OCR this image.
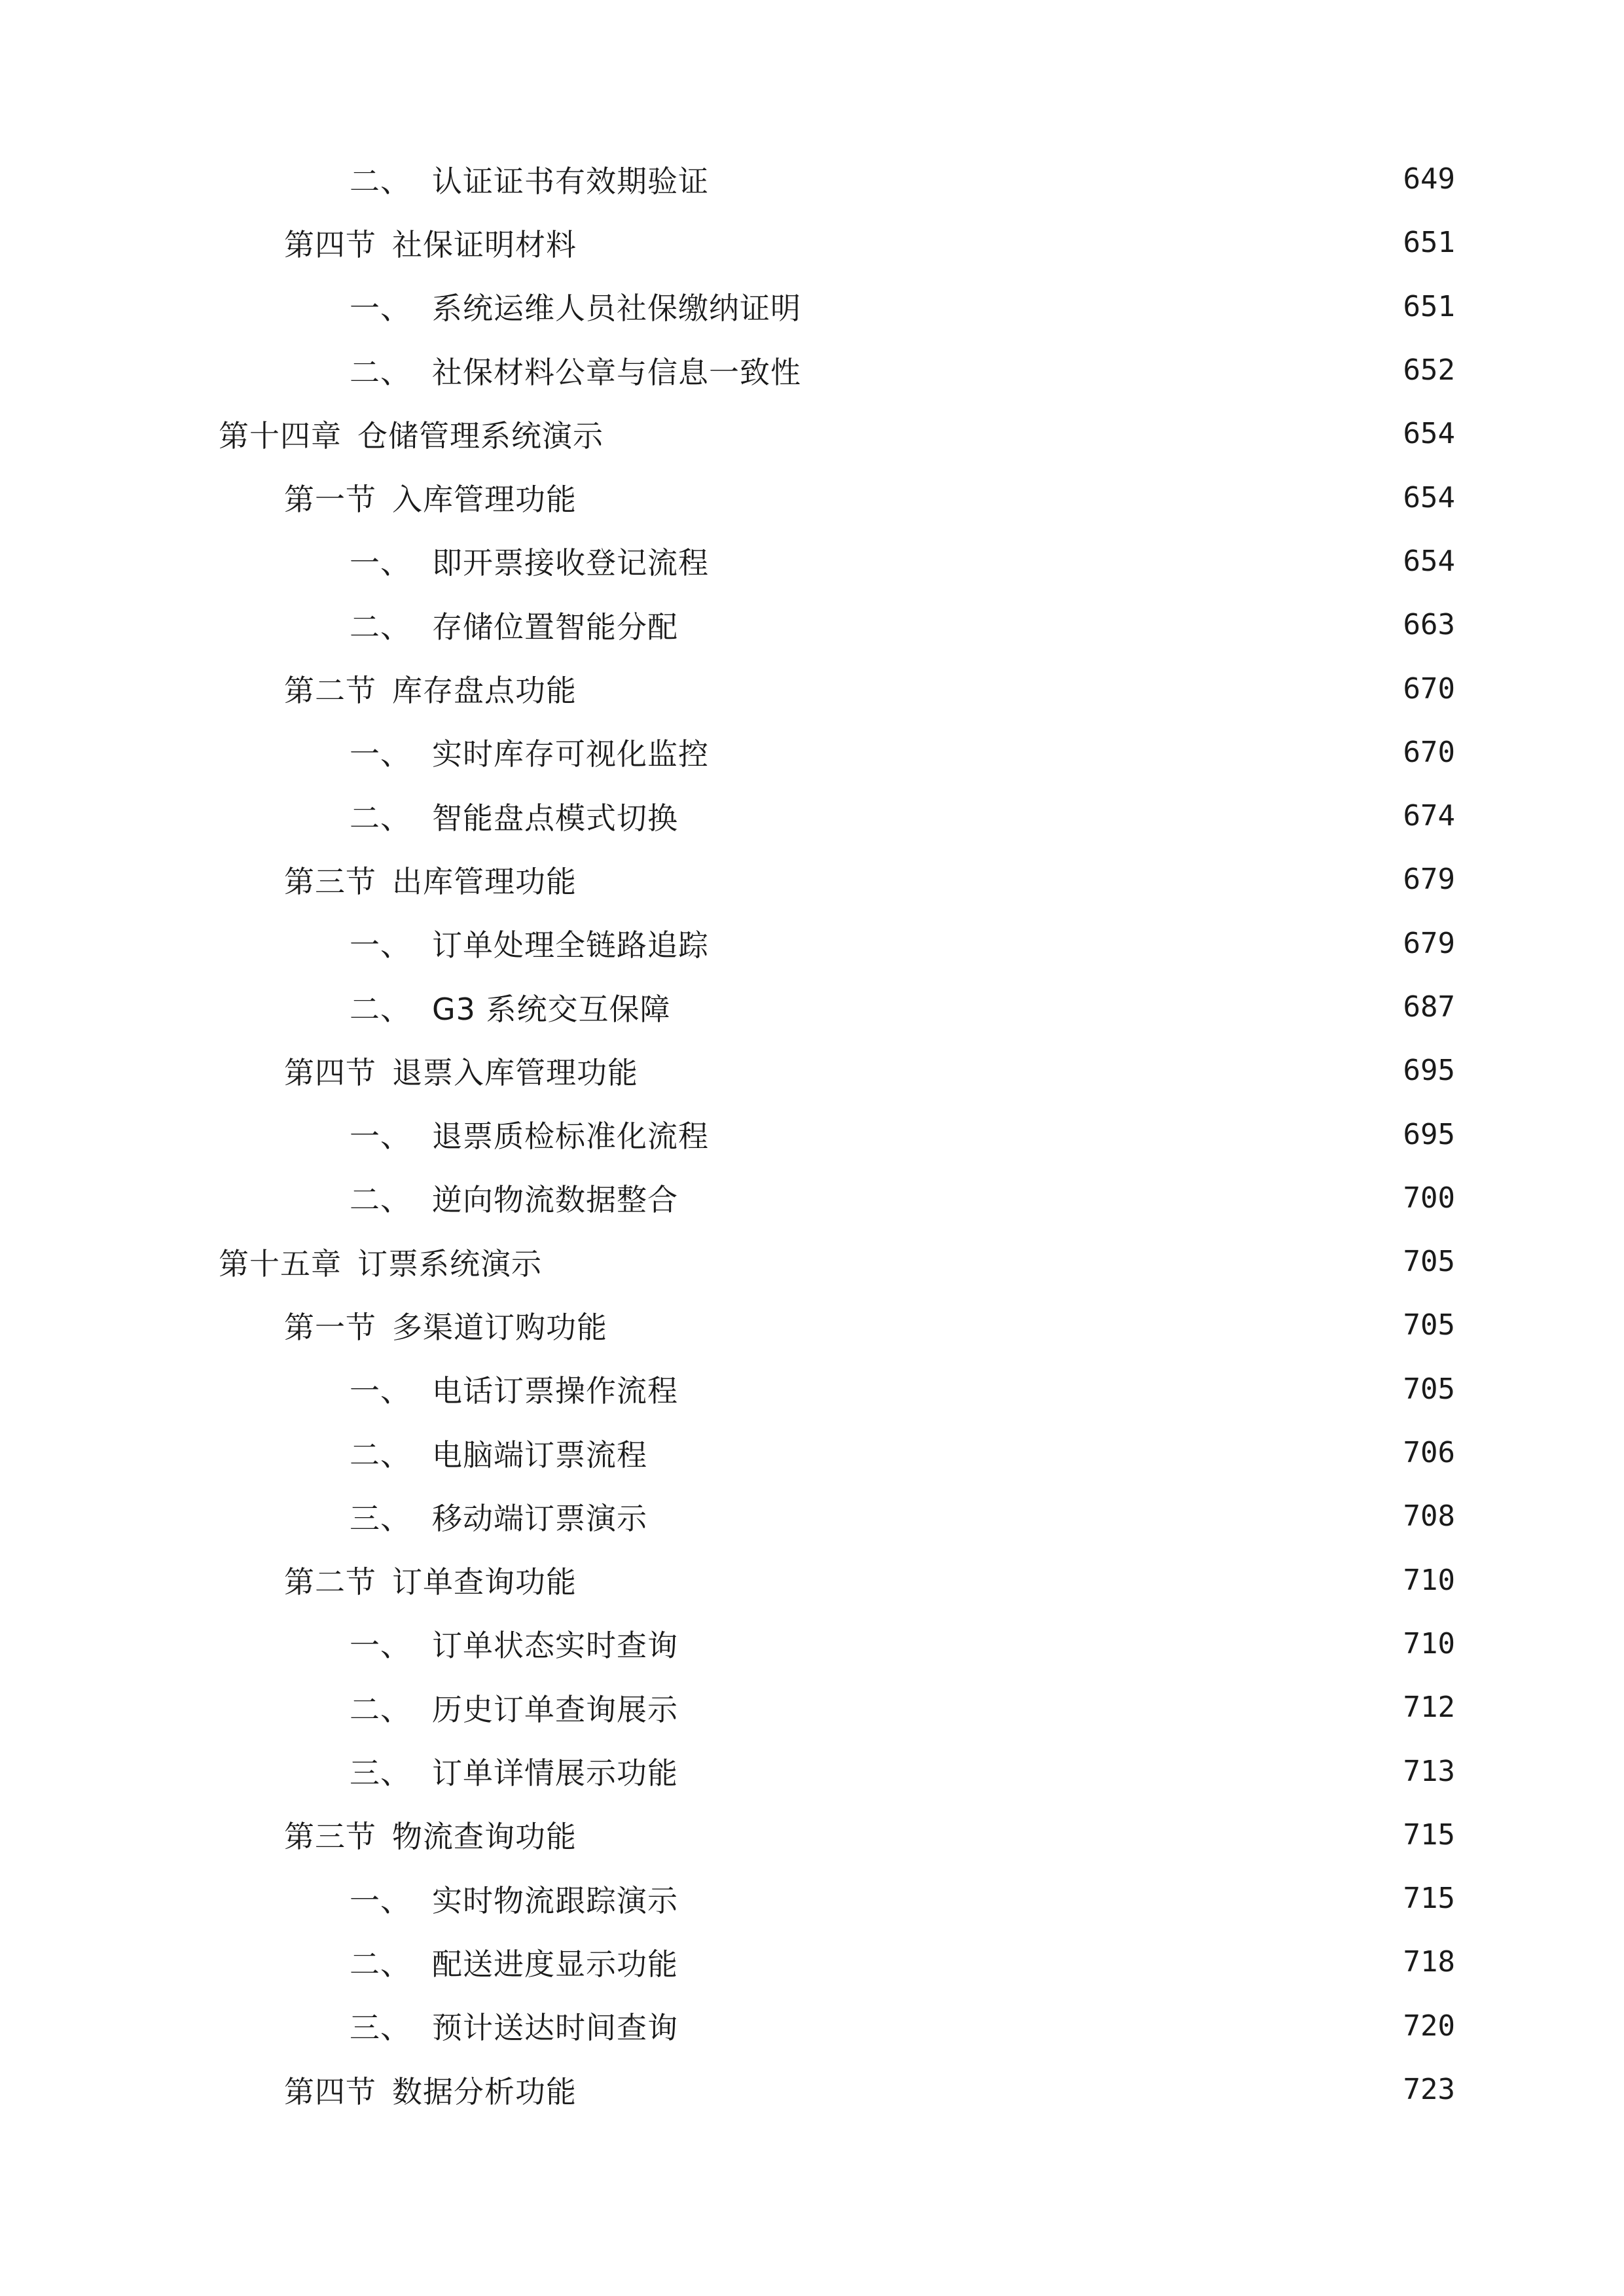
二、 认证证书有效期验证	649
第四节 社保证明材料	651
一、 系统运维人员社保缴纳证明	651
二、 社保材料公章与信息一致性	652
第十四章 仓储管理系统演示	654
第一节 入库管理功能	654
一、 即开票接收登记流程	654
二、 存储位置智能分配	663
第二节 库存盘点功能	670
一、 实时库存可视化监控	670
二、 智能盘点模式切换	674
第三节 出库管理功能	679
一、 订单处理全链路追踪	679
二、 G3 系统交互保障	687
第四节 退票入库管理功能	695
一、 退票质检标准化流程	695
二、 逆向物流数据整合	700
第十五章 订票系统演示	705
第一节 多渠道订购功能	705
一、 电话订票操作流程	705
二、 电脑端订票流程	706
三、 移动端订票演示	708
第二节 订单查询功能	710
一、 订单状态实时查询	710
二、 历史订单查询展示	712
三、 订单详情展示功能	713
第三节 物流查询功能	715
一、 实时物流跟踪演示	715
二、 配送进度显示功能	718
三、 预计送达时间查询	720
第四节 数据分析功能	723
